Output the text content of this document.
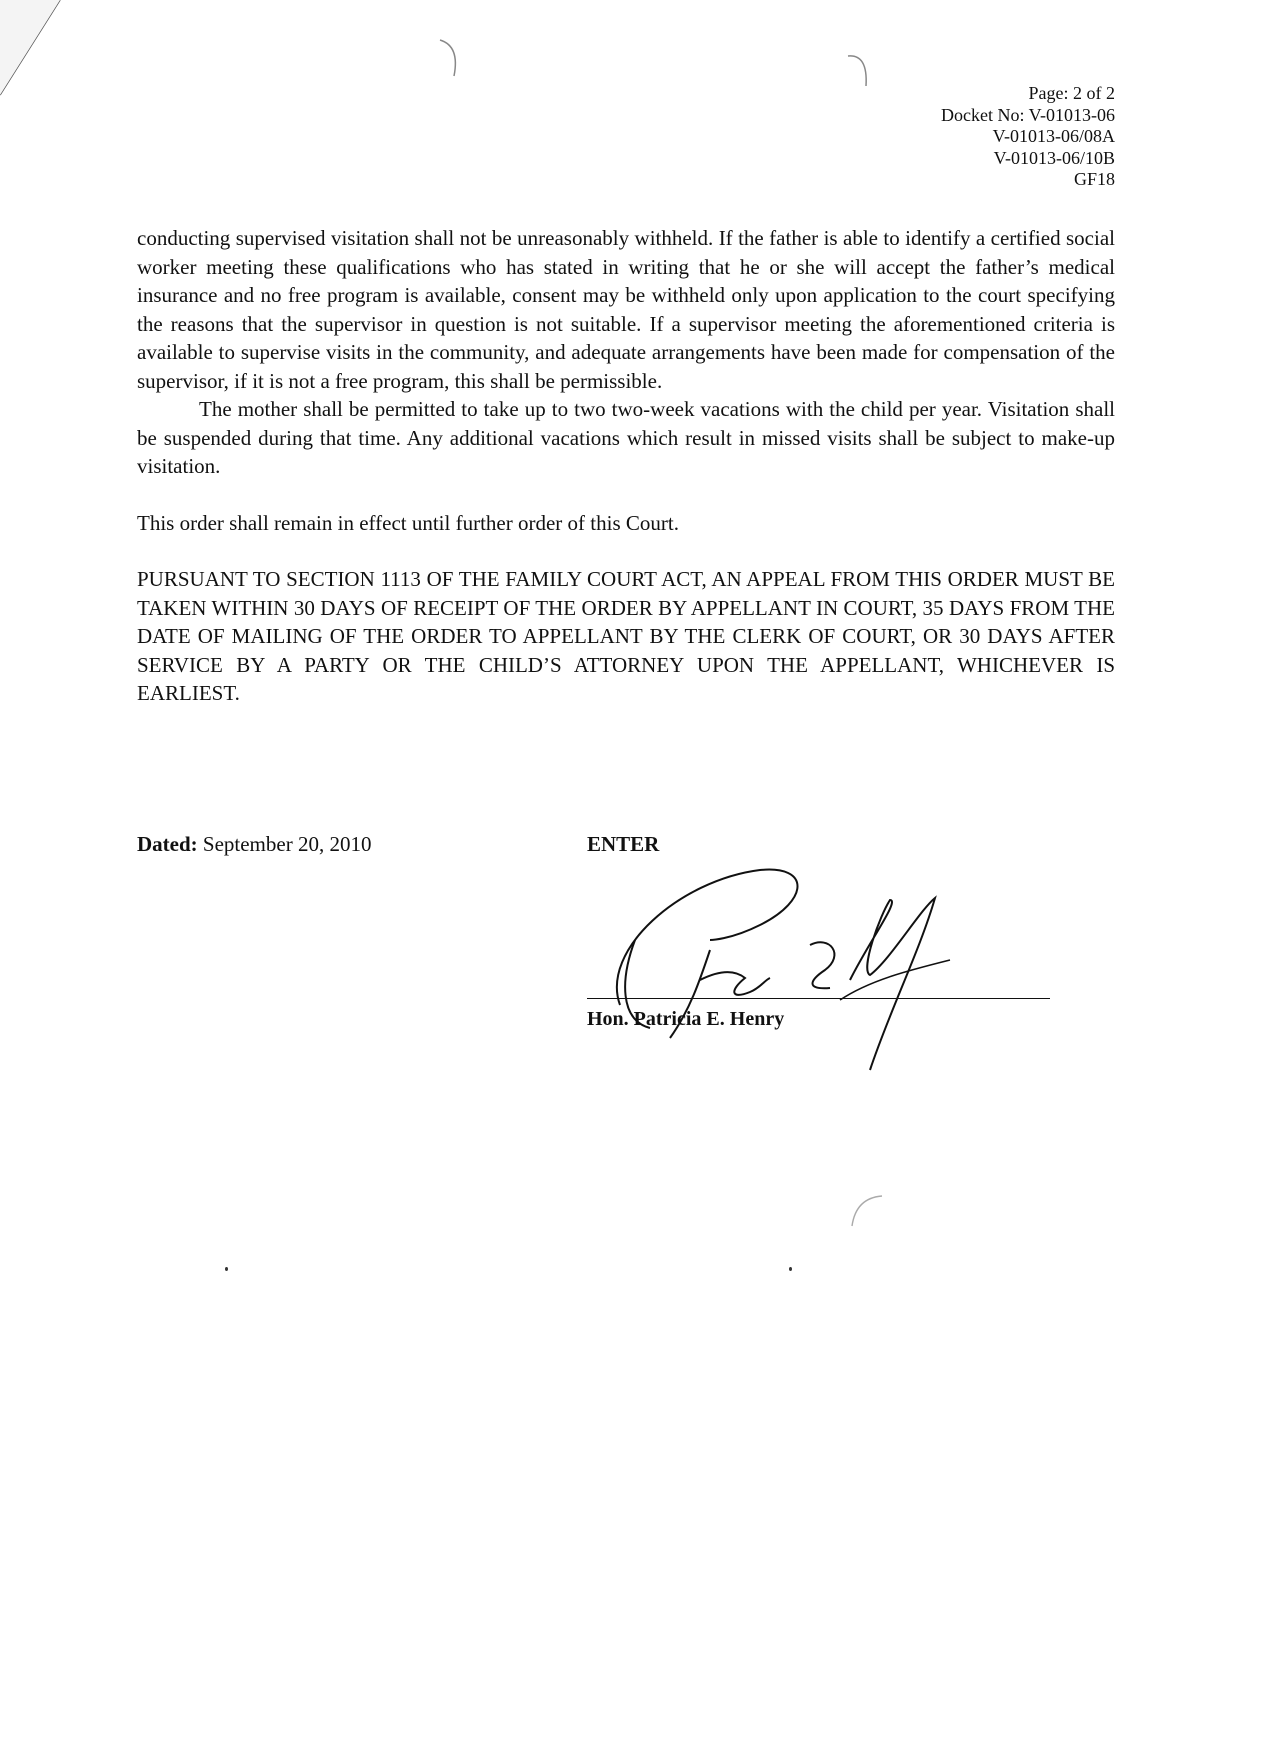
Page: 2 of 2
Docket No: V-01013-06
V-01013-06/08A
V-01013-06/10B
GF18

conducting supervised visitation shall not be unreasonably withheld. If the father is able to identify a certified social worker meeting these qualifications who has stated in writing that he or she will accept the father’s medical insurance and no free program is available, consent may be withheld only upon application to the court specifying the reasons that the supervisor in question is not suitable. If a supervisor meeting the aforementioned criteria is available to supervise visits in the community, and adequate arrangements have been made for compensation of the supervisor, if it is not a free program, this shall be permissible.

The mother shall be permitted to take up to two two-week vacations with the child per year. Visitation shall be suspended during that time. Any additional vacations which result in missed visits shall be subject to make-up visitation.

This order shall remain in effect until further order of this Court.

PURSUANT TO SECTION 1113 OF THE FAMILY COURT ACT, AN APPEAL FROM THIS ORDER MUST BE TAKEN WITHIN 30 DAYS OF RECEIPT OF THE ORDER BY APPELLANT IN COURT, 35 DAYS FROM THE DATE OF MAILING OF THE ORDER TO APPELLANT BY THE CLERK OF COURT, OR 30 DAYS AFTER SERVICE BY A PARTY OR THE CHILD’S ATTORNEY UPON THE APPELLANT, WHICHEVER IS EARLIEST.

Dated: September 20, 2010	ENTER
Hon. Patricia E. Henry
